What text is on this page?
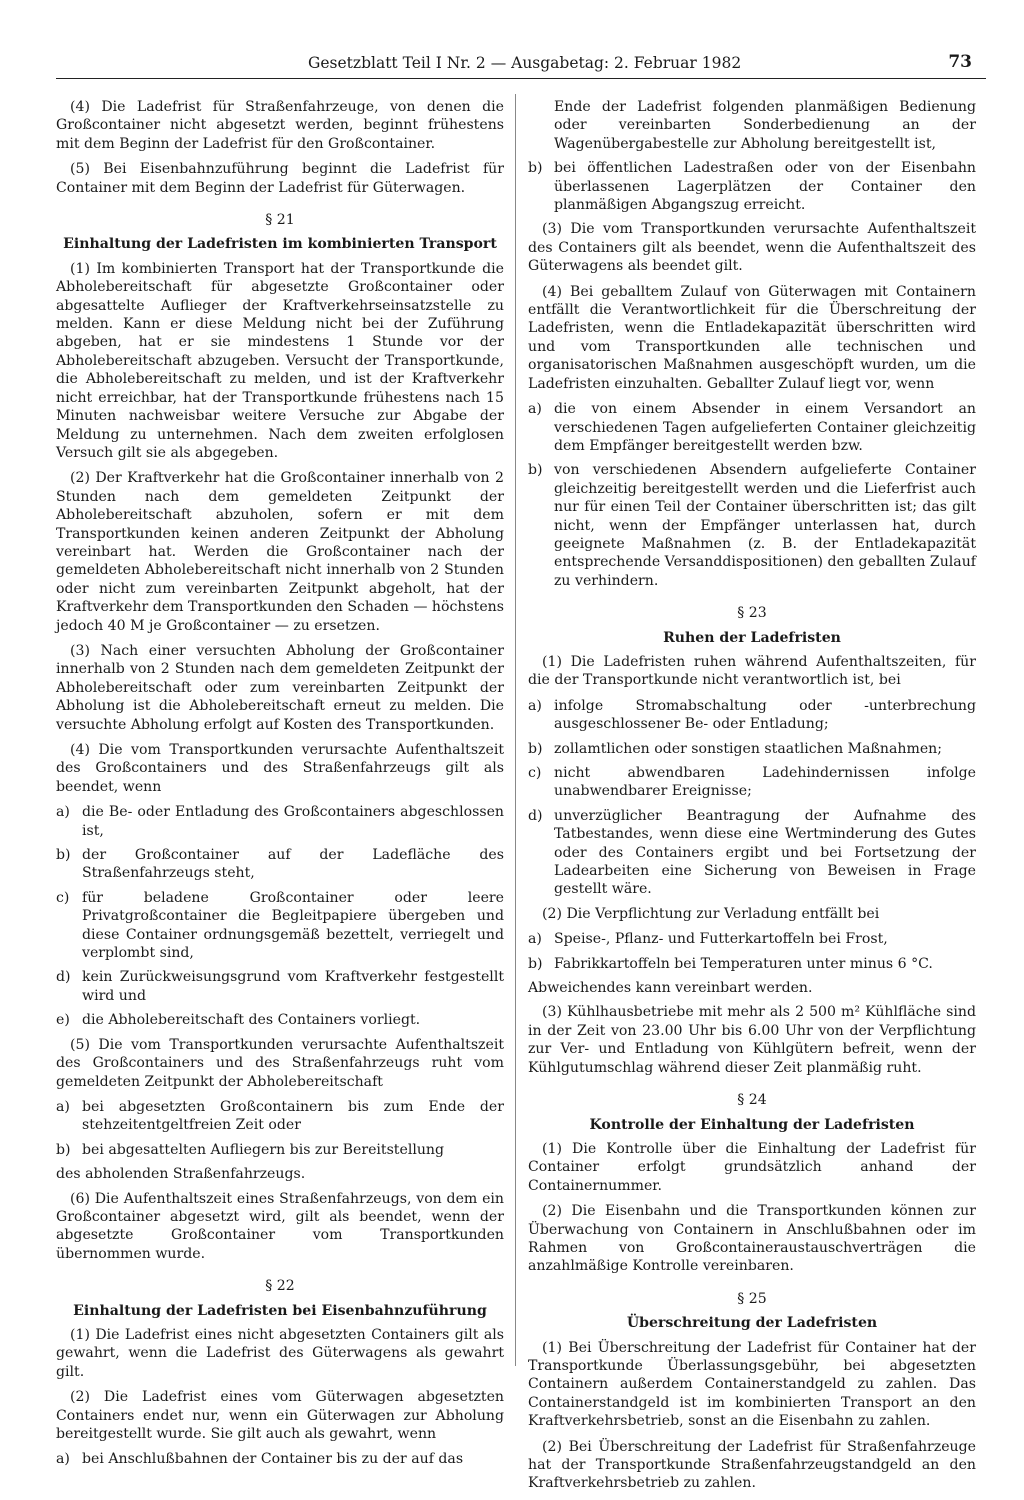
Gesetzblatt Teil I Nr. 2 — Ausgabetag: 2. Februar 1982	73

(4) Die Ladefrist für Straßenfahrzeuge, von denen die Großcontainer nicht abgesetzt werden, beginnt frühestens mit dem Beginn der Ladefrist für den Großcontainer.

(5) Bei Eisenbahnzuführung beginnt die Ladefrist für Container mit dem Beginn der Ladefrist für Güterwagen.

§ 21
Einhaltung der Ladefristen im kombinierten Transport

(1) Im kombinierten Transport hat der Transportkunde die Abholebereitschaft für abgesetzte Großcontainer oder abgesattelte Auflieger der Kraftverkehrseinsatzstelle zu melden. Kann er diese Meldung nicht bei der Zuführung abgeben, hat er sie mindestens 1 Stunde vor der Abholebereitschaft abzugeben. Versucht der Transportkunde, die Abholebereitschaft zu melden, und ist der Kraftverkehr nicht erreichbar, hat der Transportkunde frühestens nach 15 Minuten nachweisbar weitere Versuche zur Abgabe der Meldung zu unternehmen. Nach dem zweiten erfolglosen Versuch gilt sie als abgegeben.

(2) Der Kraftverkehr hat die Großcontainer innerhalb von 2 Stunden nach dem gemeldeten Zeitpunkt der Abholebereitschaft abzuholen, sofern er mit dem Transportkunden keinen anderen Zeitpunkt der Abholung vereinbart hat. Werden die Großcontainer nach der gemeldeten Abholebereitschaft nicht innerhalb von 2 Stunden oder nicht zum vereinbarten Zeitpunkt abgeholt, hat der Kraftverkehr dem Transportkunden den Schaden — höchstens jedoch 40 M je Großcontainer — zu ersetzen.

(3) Nach einer versuchten Abholung der Großcontainer innerhalb von 2 Stunden nach dem gemeldeten Zeitpunkt der Abholebereitschaft oder zum vereinbarten Zeitpunkt der Abholung ist die Abholebereitschaft erneut zu melden. Die versuchte Abholung erfolgt auf Kosten des Transportkunden.

(4) Die vom Transportkunden verursachte Aufenthaltszeit des Großcontainers und des Straßenfahrzeugs gilt als beendet, wenn

a) die Be- oder Entladung des Großcontainers abgeschlossen ist,
b) der Großcontainer auf der Ladefläche des Straßenfahrzeugs steht,
c) für beladene Großcontainer oder leere Privatgroßcontainer die Begleitpapiere übergeben und diese Container ordnungsgemäß bezettelt, verriegelt und verplombt sind,
d) kein Zurückweisungsgrund vom Kraftverkehr festgestellt wird und
e) die Abholebereitschaft des Containers vorliegt.

(5) Die vom Transportkunden verursachte Aufenthaltszeit des Großcontainers und des Straßenfahrzeugs ruht vom gemeldeten Zeitpunkt der Abholebereitschaft

a) bei abgesetzten Großcontainern bis zum Ende der stehzeitentgeltfreien Zeit oder
b) bei abgesattelten Aufliegern bis zur Bereitstellung

des abholenden Straßenfahrzeugs.

(6) Die Aufenthaltszeit eines Straßenfahrzeugs, von dem ein Großcontainer abgesetzt wird, gilt als beendet, wenn der abgesetzte Großcontainer vom Transportkunden übernommen wurde.

§ 22
Einhaltung der Ladefristen bei Eisenbahnzuführung

(1) Die Ladefrist eines nicht abgesetzten Containers gilt als gewahrt, wenn die Ladefrist des Güterwagens als gewahrt gilt.

(2) Die Ladefrist eines vom Güterwagen abgesetzten Containers endet nur, wenn ein Güterwagen zur Abholung bereitgestellt wurde. Sie gilt auch als gewahrt, wenn

a) bei Anschlußbahnen der Container bis zu der auf das
Ende der Ladefrist folgenden planmäßigen Bedienung oder vereinbarten Sonderbedienung an der Wagenübergabestelle zur Abholung bereitgestellt ist,
b) bei öffentlichen Ladestraßen oder von der Eisenbahn überlassenen Lagerplätzen der Container den planmäßigen Abgangszug erreicht.

(3) Die vom Transportkunden verursachte Aufenthaltszeit des Containers gilt als beendet, wenn die Aufenthaltszeit des Güterwagens als beendet gilt.

(4) Bei geballtem Zulauf von Güterwagen mit Containern entfällt die Verantwortlichkeit für die Überschreitung der Ladefristen, wenn die Entladekapazität überschritten wird und vom Transportkunden alle technischen und organisatorischen Maßnahmen ausgeschöpft wurden, um die Ladefristen einzuhalten. Geballter Zulauf liegt vor, wenn

a) die von einem Absender in einem Versandort an verschiedenen Tagen aufgelieferten Container gleichzeitig dem Empfänger bereitgestellt werden bzw.
b) von verschiedenen Absendern aufgelieferte Container gleichzeitig bereitgestellt werden und die Lieferfrist auch nur für einen Teil der Container überschritten ist; das gilt nicht, wenn der Empfänger unterlassen hat, durch geeignete Maßnahmen (z. B. der Entladekapazität entsprechende Versanddispositionen) den geballten Zulauf zu verhindern.
§ 23
Ruhen der Ladefristen

(1) Die Ladefristen ruhen während Aufenthaltszeiten, für die der Transportkunde nicht verantwortlich ist, bei

a) infolge Stromabschaltung oder -unterbrechung ausgeschlossener Be- oder Entladung;
b) zollamtlichen oder sonstigen staatlichen Maßnahmen;
c) nicht abwendbaren Ladehindernissen infolge unabwendbarer Ereignisse;
d) unverzüglicher Beantragung der Aufnahme des Tatbestandes, wenn diese eine Wertminderung des Gutes oder des Containers ergibt und bei Fortsetzung der Ladearbeiten eine Sicherung von Beweisen in Frage gestellt wäre.

(2) Die Verpflichtung zur Verladung entfällt bei

a) Speise-, Pflanz- und Futterkartoffeln bei Frost,
b) Fabrikkartoffeln bei Temperaturen unter minus 6 °C.

Abweichendes kann vereinbart werden.

(3) Kühlhausbetriebe mit mehr als 2 500 m² Kühlfläche sind in der Zeit von 23.00 Uhr bis 6.00 Uhr von der Verpflichtung zur Ver- und Entladung von Kühlgütern befreit, wenn der Kühlgutumschlag während dieser Zeit planmäßig ruht.

§ 24
Kontrolle der Einhaltung der Ladefristen

(1) Die Kontrolle über die Einhaltung der Ladefrist für Container erfolgt grundsätzlich anhand der Containernummer.

(2) Die Eisenbahn und die Transportkunden können zur Überwachung von Containern in Anschlußbahnen oder im Rahmen von Großcontaineraustauschverträgen die anzahlmäßige Kontrolle vereinbaren.

§ 25
Überschreitung der Ladefristen

(1) Bei Überschreitung der Ladefrist für Container hat der Transportkunde Überlassungsgebühr, bei abgesetzten Containern außerdem Containerstandgeld zu zahlen. Das Containerstandgeld ist im kombinierten Transport an den Kraftverkehrsbetrieb, sonst an die Eisenbahn zu zahlen.

(2) Bei Überschreitung der Ladefrist für Straßenfahrzeuge hat der Transportkunde Straßenfahrzeugstandgeld an den Kraftverkehrsbetrieb zu zahlen.
